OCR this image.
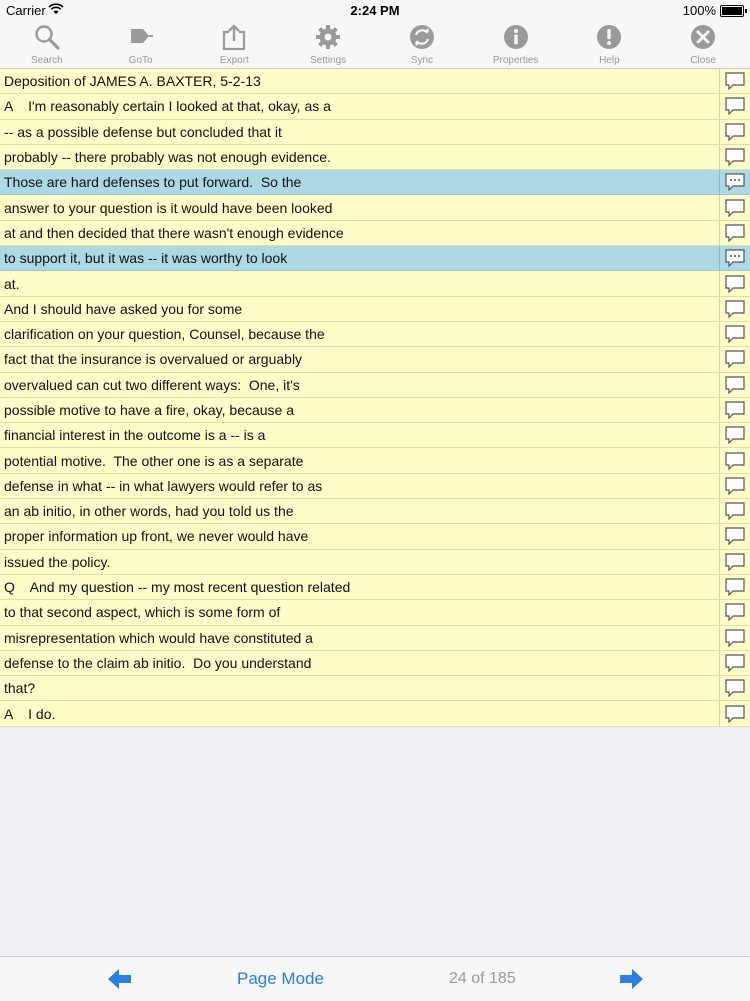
Carrier	2:24 PM	100%
Search	GoTo	Export	Settings	Sync	Properties	Help	Close
Deposition of JAMES A. BAXTER, 5-2-13
A    I'm reasonably certain I looked at that, okay, as a
-- as a possible defense but concluded that it
probably -- there probably was not enough evidence.
Those are hard defenses to put forward.  So the
answer to your question is it would have been looked
at and then decided that there wasn't enough evidence
to support it, but it was -- it was worthy to look
at.
And I should have asked you for some
clarification on your question, Counsel, because the
fact that the insurance is overvalued or arguably
overvalued can cut two different ways:  One, it's
possible motive to have a fire, okay, because a
financial interest in the outcome is a -- is a
potential motive.  The other one is as a separate
defense in what -- in what lawyers would refer to as
an ab initio, in other words, had you told us the
proper information up front, we never would have
issued the policy.
Q    And my question -- my most recent question related
to that second aspect, which is some form of
misrepresentation which would have constituted a
defense to the claim ab initio.  Do you understand
that?
A    I do.
Page Mode	24 of 185
